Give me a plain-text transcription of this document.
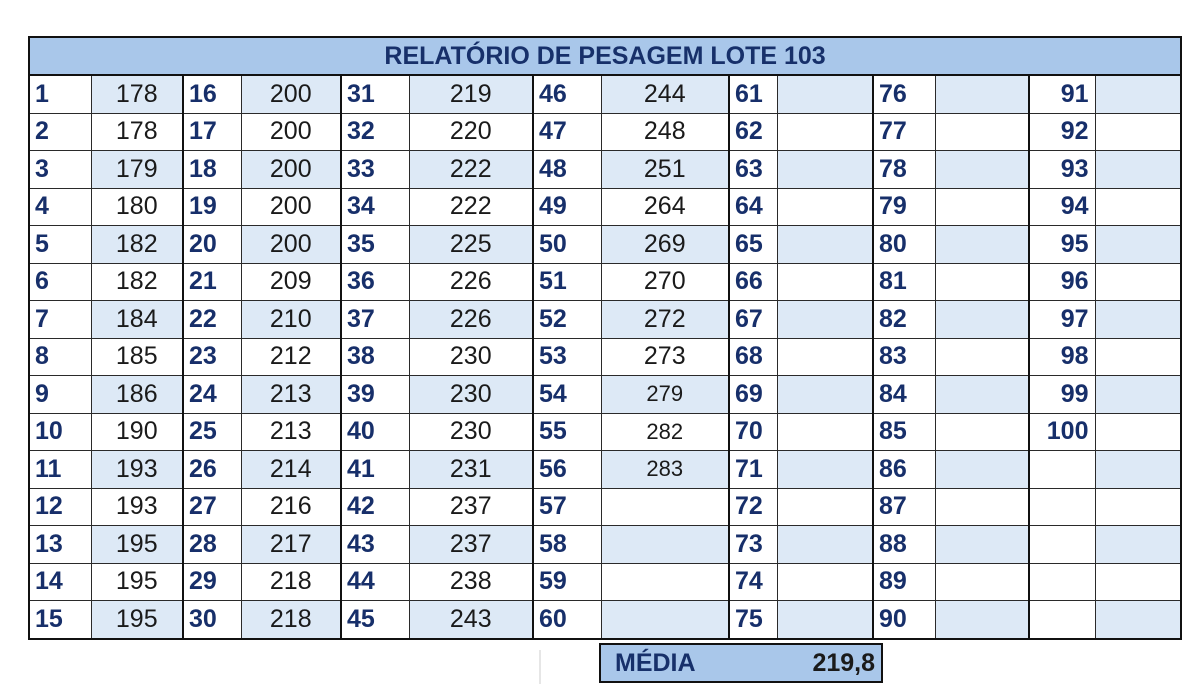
RELATÓRIO DE PESAGEM LOTE 103													
1	178	16	200	31	219	46	244	61		76		91	
2	178	17	200	32	220	47	248	62		77		92	
3	179	18	200	33	222	48	251	63		78		93	
4	180	19	200	34	222	49	264	64		79		94	
5	182	20	200	35	225	50	269	65		80		95	
6	182	21	209	36	226	51	270	66		81		96	
7	184	22	210	37	226	52	272	67		82		97	
8	185	23	212	38	230	53	273	68		83		98	
9	186	24	213	39	230	54	279	69		84		99	
10	190	25	213	40	230	55	282	70		85		100	
11	193	26	214	41	231	56	283	71		86			
12	193	27	216	42	237	57		72		87			
13	195	28	217	43	237	58		73		88			
14	195	29	218	44	238	59		74		89			
15	195	30	218	45	243	60		75		90			
MÉDIA	219,8
